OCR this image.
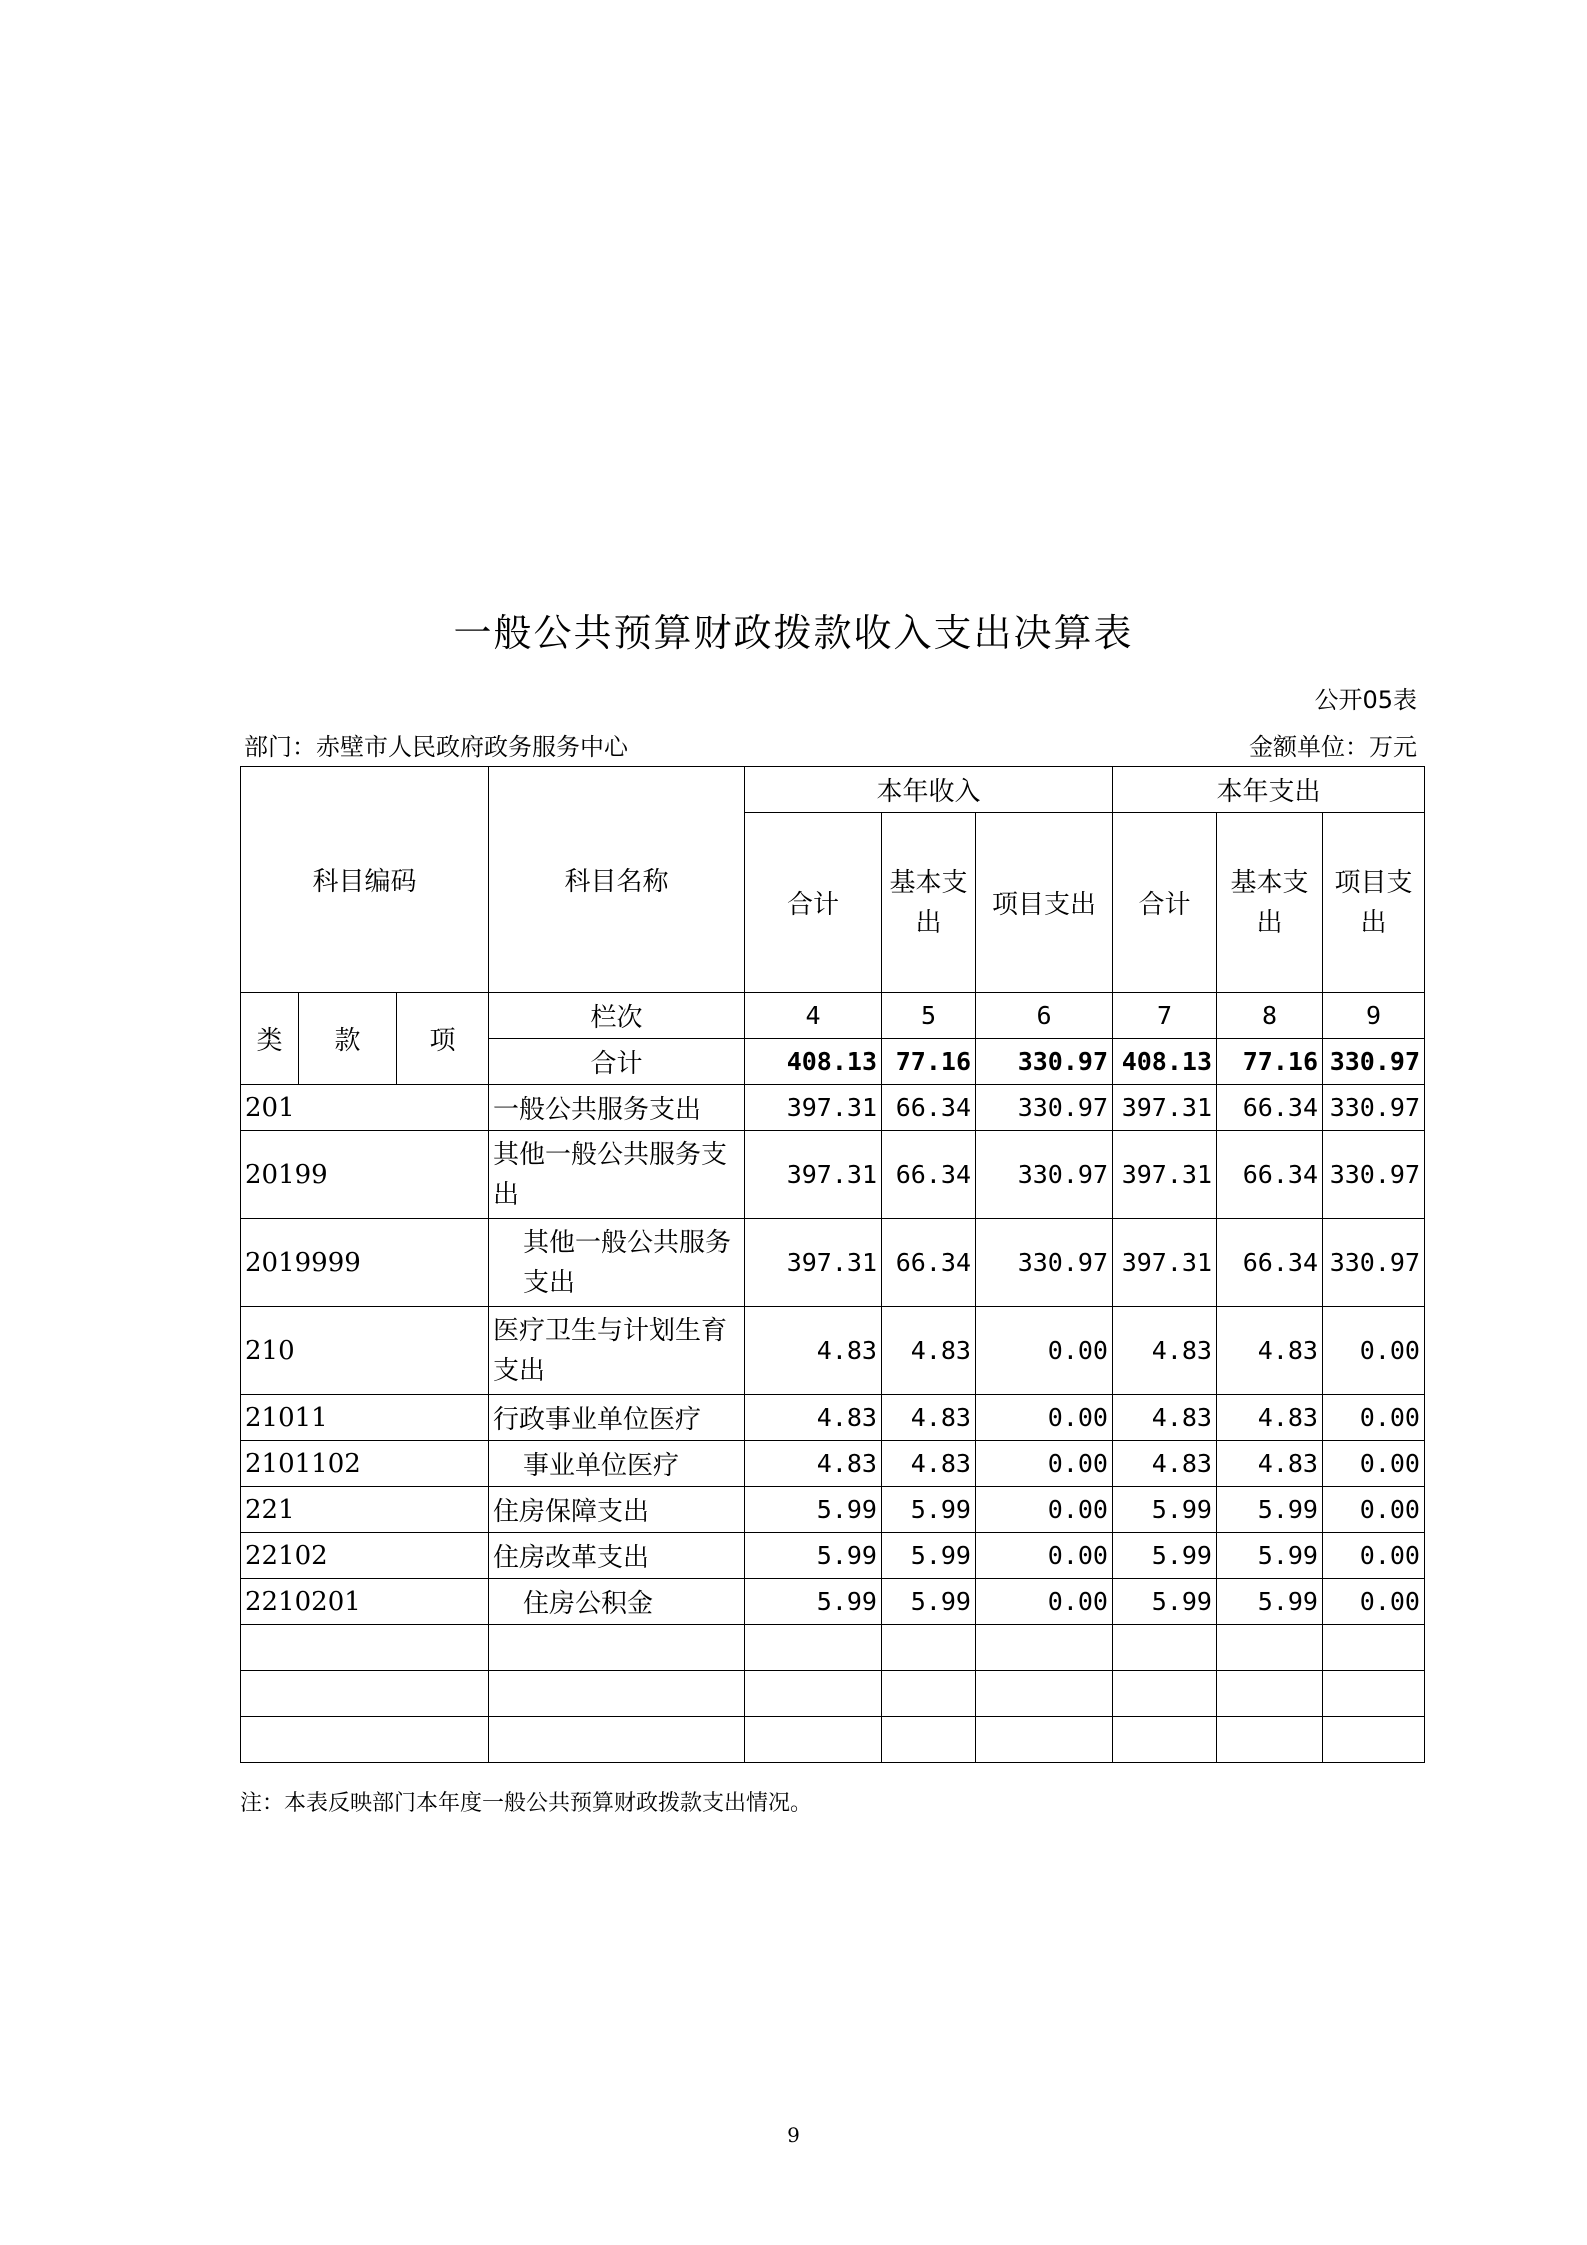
一般公共预算财政拨款收入支出决算表
公开05表
部门：赤壁市人民政府政务服务中心	金额单位：万元
科目编码			科目名称	本年收入			本年支出		
				合计	基本支出	项目支出	合计	基本支出	项目支出
类	款	项	栏次	4	5	6	7	8	9
			合计	408.13	77.16	330.97	408.13	77.16	330.97
201			一般公共服务支出	397.31	66.34	330.97	397.31	66.34	330.97
20199			其他一般公共服务支出	397.31	66.34	330.97	397.31	66.34	330.97
2019999			其他一般公共服务支出	397.31	66.34	330.97	397.31	66.34	330.97
210			医疗卫生与计划生育支出	4.83	4.83	0.00	4.83	4.83	0.00
21011			行政事业单位医疗	4.83	4.83	0.00	4.83	4.83	0.00
2101102			事业单位医疗	4.83	4.83	0.00	4.83	4.83	0.00
221			住房保障支出	5.99	5.99	0.00	5.99	5.99	0.00
22102			住房改革支出	5.99	5.99	0.00	5.99	5.99	0.00
2210201			住房公积金	5.99	5.99	0.00	5.99	5.99	0.00

注：本表反映部门本年度一般公共预算财政拨款支出情况。
9
